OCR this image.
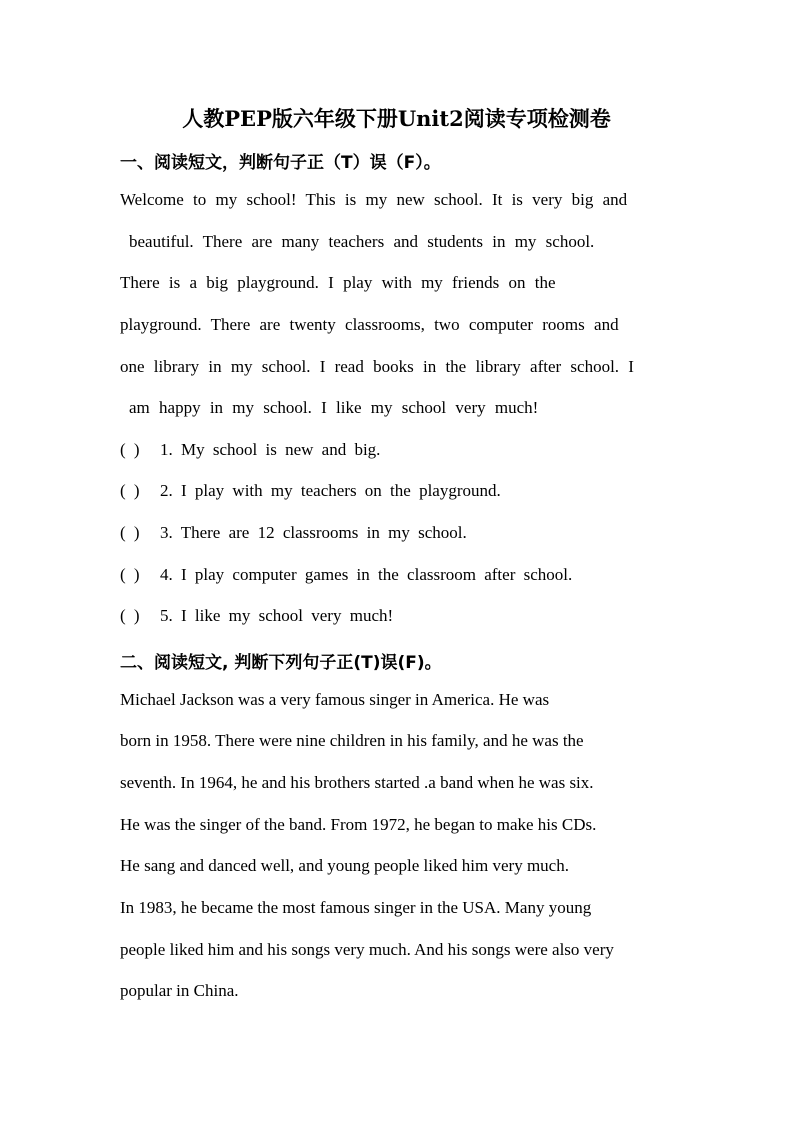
人教PEP版六年级下册Unit2阅读专项检测卷
一、阅读短文，判断句子正（T）误（F）。
Welcome to my school! This is my new school. It is very big and
beautiful. There are many teachers and students in my school.
There is a big playground. I play with my friends on the
playground. There are twenty classrooms, two computer rooms and
one library in my school. I read books in the library after school. I
am happy in my school. I like my school very much!
( ) 1. My school is new and big.
( ) 2. I play with my teachers on the playground.
( ) 3. There are 12 classrooms in my school.
( ) 4. I play computer games in the classroom after school.
( ) 5. I like my school very much!
二、阅读短文, 判断下列句子正(T)误(F)。
Michael Jackson was a very famous singer in America. He was
born in 1958. There were nine children in his family, and he was the
seventh. In 1964, he and his brothers started .a band when he was six.
He was the singer of the band. From 1972, he began to make his CDs.
He sang and danced well, and young people liked him very much.
In 1983, he became the most famous singer in the USA. Many young
people liked him and his songs very much. And his songs were also very
popular in China.
